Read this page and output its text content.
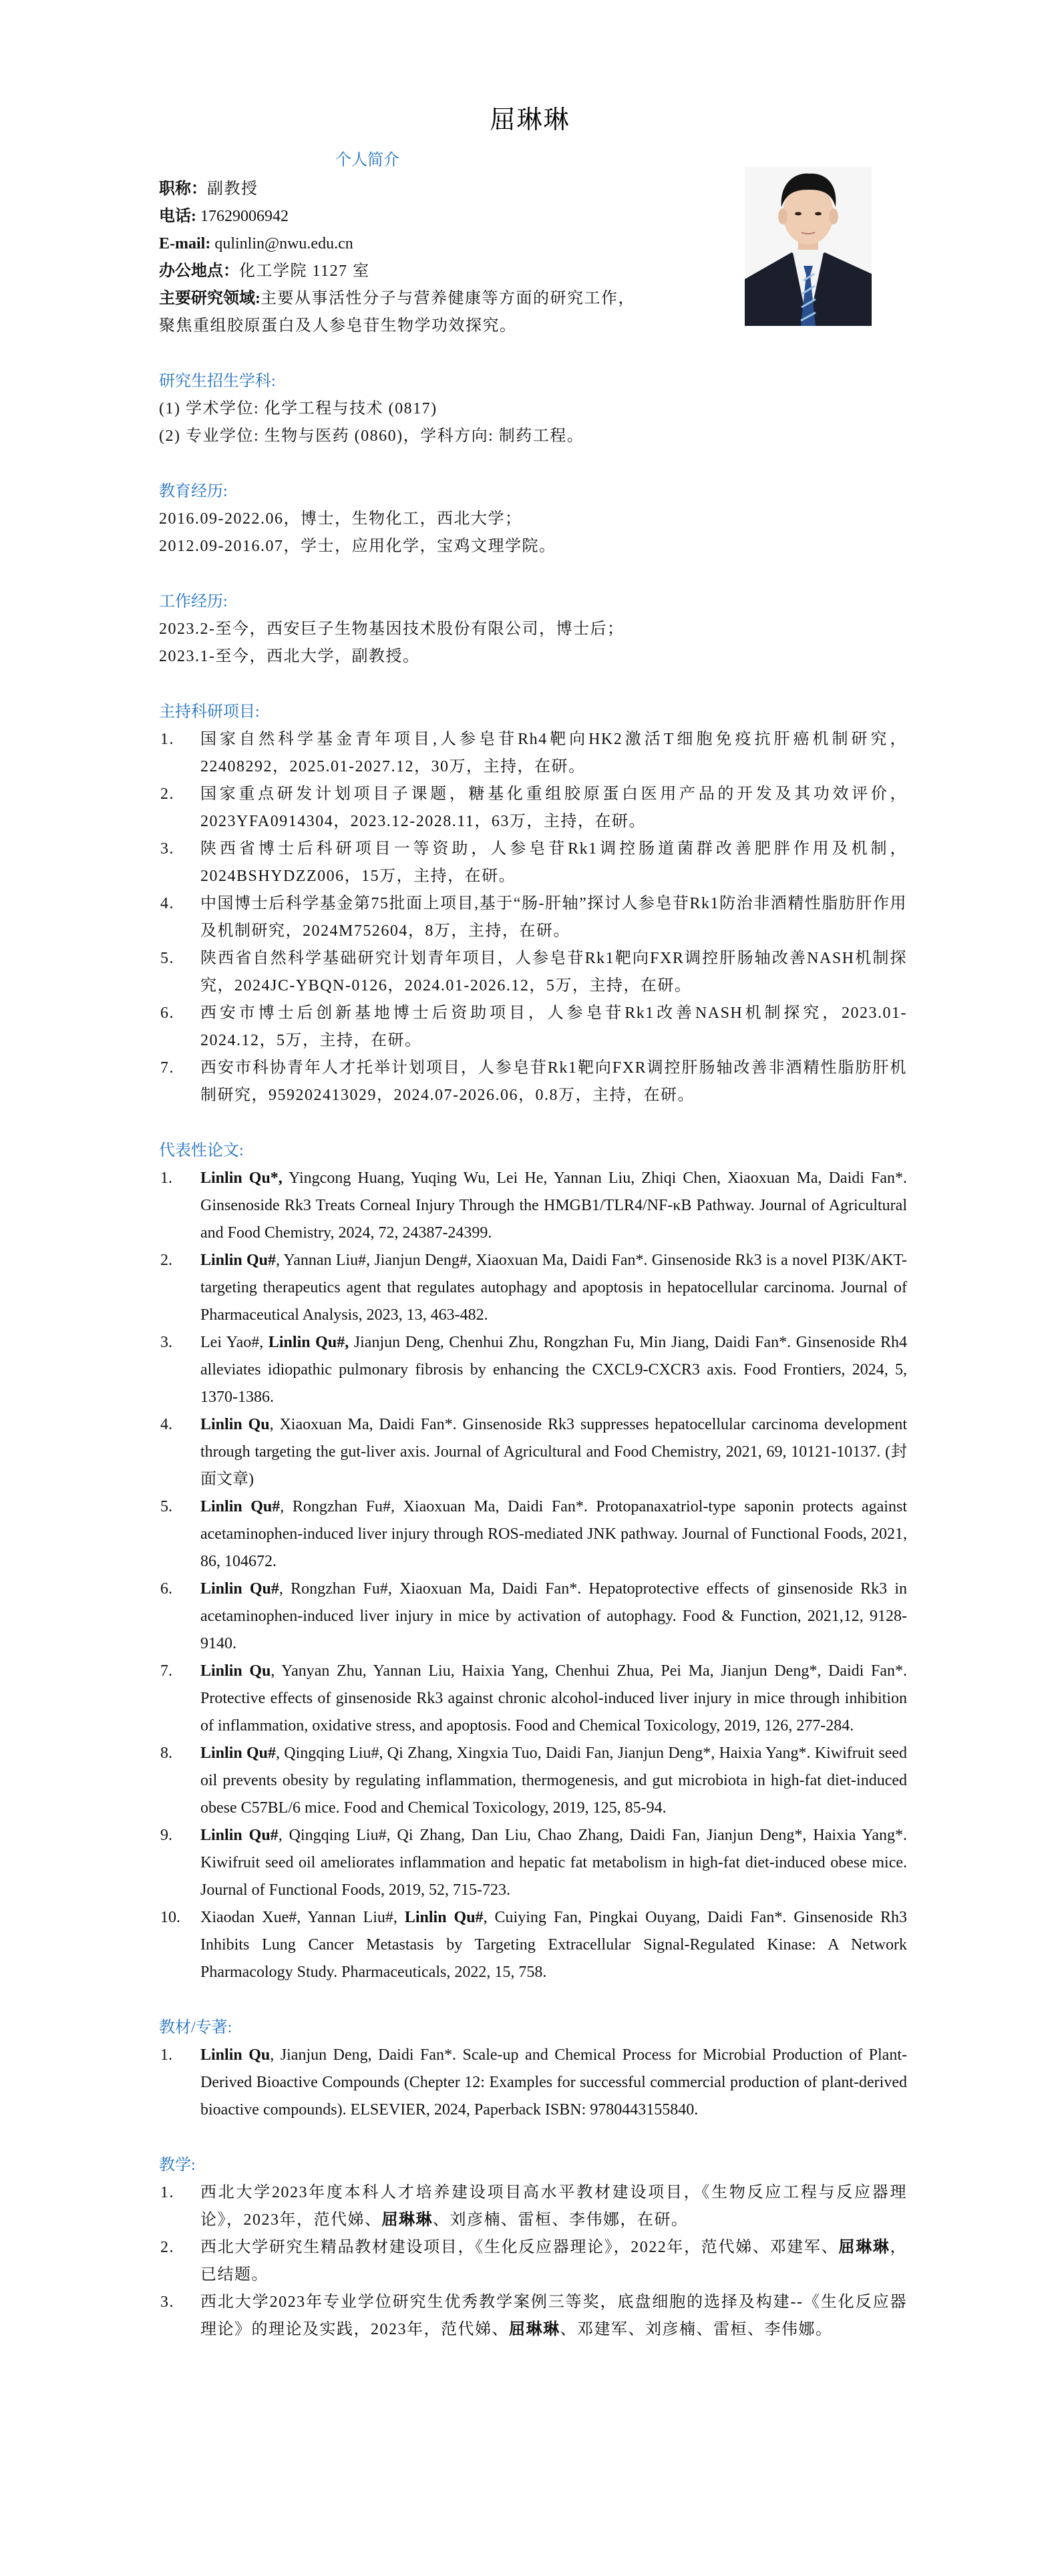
屈琳琳
个人简介
职称：副教授
电话: 17629006942
E-mail: qulinlin@nwu.edu.cn
办公地点：化工学院 1127 室
主要研究领域:主要从事活性分子与营养健康等方面的研究工作，
聚焦重组胶原蛋白及人参皂苷生物学功效探究。
研究生招生学科:
(1) 学术学位: 化学工程与技术 (0817)
(2) 专业学位: 生物与医药 (0860)，学科方向: 制药工程。
教育经历:
2016.09-2022.06，博士，生物化工，西北大学；
2012.09-2016.07，学士，应用化学，宝鸡文理学院。
工作经历:
2023.2-至今，西安巨子生物基因技术股份有限公司，博士后；
2023.1-至今，西北大学，副教授。
主持科研项目:
1. 国家自然科学基金青年项目,人参皂苷Rh4靶向HK2激活T细胞免疫抗肝癌机制研究，22408292，2025.01-2027.12，30万，主持，在研。
2. 国家重点研发计划项目子课题，糖基化重组胶原蛋白医用产品的开发及其功效评价，2023YFA0914304，2023.12-2028.11，63万，主持，在研。
3. 陕西省博士后科研项目一等资助，人参皂苷Rk1调控肠道菌群改善肥胖作用及机制，2024BSHYDZZ006，15万，主持，在研。
4. 中国博士后科学基金第75批面上项目,基于“肠-肝轴”探讨人参皂苷Rk1防治非酒精性脂肪肝作用及机制研究，2024M752604，8万，主持，在研。
5. 陕西省自然科学基础研究计划青年项目，人参皂苷Rk1靶向FXR调控肝肠轴改善NASH机制探究，2024JC-YBQN-0126，2024.01-2026.12，5万，主持，在研。
6. 西安市博士后创新基地博士后资助项目，人参皂苷Rk1改善NASH机制探究，2023.01-2024.12，5万，主持，在研。
7. 西安市科协青年人才托举计划项目，人参皂苷Rk1靶向FXR调控肝肠轴改善非酒精性脂肪肝机制研究，959202413029，2024.07-2026.06，0.8万，主持，在研。
代表性论文:
1. Linlin Qu*, Yingcong Huang, Yuqing Wu, Lei He, Yannan Liu, Zhiqi Chen, Xiaoxuan Ma, Daidi Fan*. Ginsenoside Rk3 Treats Corneal Injury Through the HMGB1/TLR4/NF-κB Pathway. Journal of Agricultural and Food Chemistry, 2024, 72, 24387-24399.
2. Linlin Qu#, Yannan Liu#, Jianjun Deng#, Xiaoxuan Ma, Daidi Fan*. Ginsenoside Rk3 is a novel PI3K/AKT-targeting therapeutics agent that regulates autophagy and apoptosis in hepatocellular carcinoma. Journal of Pharmaceutical Analysis, 2023, 13, 463-482.
3. Lei Yao#, Linlin Qu#, Jianjun Deng, Chenhui Zhu, Rongzhan Fu, Min Jiang, Daidi Fan*. Ginsenoside Rh4 alleviates idiopathic pulmonary fibrosis by enhancing the CXCL9-CXCR3 axis. Food Frontiers, 2024, 5, 1370-1386.
4. Linlin Qu, Xiaoxuan Ma, Daidi Fan*. Ginsenoside Rk3 suppresses hepatocellular carcinoma development through targeting the gut-liver axis. Journal of Agricultural and Food Chemistry, 2021, 69, 10121-10137. (封面文章)
5. Linlin Qu#, Rongzhan Fu#, Xiaoxuan Ma, Daidi Fan*. Protopanaxatriol-type saponin protects against acetaminophen-induced liver injury through ROS-mediated JNK pathway. Journal of Functional Foods, 2021, 86, 104672.
6. Linlin Qu#, Rongzhan Fu#, Xiaoxuan Ma, Daidi Fan*. Hepatoprotective effects of ginsenoside Rk3 in acetaminophen-induced liver injury in mice by activation of autophagy. Food & Function, 2021,12, 9128-9140.
7. Linlin Qu, Yanyan Zhu, Yannan Liu, Haixia Yang, Chenhui Zhua, Pei Ma, Jianjun Deng*, Daidi Fan*. Protective effects of ginsenoside Rk3 against chronic alcohol-induced liver injury in mice through inhibition of inflammation, oxidative stress, and apoptosis. Food and Chemical Toxicology, 2019, 126, 277-284.
8. Linlin Qu#, Qingqing Liu#, Qi Zhang, Xingxia Tuo, Daidi Fan, Jianjun Deng*, Haixia Yang*. Kiwifruit seed oil prevents obesity by regulating inflammation, thermogenesis, and gut microbiota in high-fat diet-induced obese C57BL/6 mice. Food and Chemical Toxicology, 2019, 125, 85-94.
9. Linlin Qu#, Qingqing Liu#, Qi Zhang, Dan Liu, Chao Zhang, Daidi Fan, Jianjun Deng*, Haixia Yang*. Kiwifruit seed oil ameliorates inflammation and hepatic fat metabolism in high-fat diet-induced obese mice. Journal of Functional Foods, 2019, 52, 715-723.
10. Xiaodan Xue#, Yannan Liu#, Linlin Qu#, Cuiying Fan, Pingkai Ouyang, Daidi Fan*. Ginsenoside Rh3 Inhibits Lung Cancer Metastasis by Targeting Extracellular Signal-Regulated Kinase: A Network Pharmacology Study. Pharmaceuticals, 2022, 15, 758.
教材/专著:
1. Linlin Qu, Jianjun Deng, Daidi Fan*. Scale-up and Chemical Process for Microbial Production of Plant-Derived Bioactive Compounds (Chepter 12: Examples for successful commercial production of plant-derived bioactive compounds). ELSEVIER, 2024, Paperback ISBN: 9780443155840.
教学:
1. 西北大学2023年度本科人才培养建设项目高水平教材建设项目，《生物反应工程与反应器理论》，2023年，范代娣、屈琳琳、刘彦楠、雷桓、李伟娜，在研。
2. 西北大学研究生精品教材建设项目，《生化反应器理论》，2022年，范代娣、邓建军、屈琳琳，已结题。
3. 西北大学2023年专业学位研究生优秀教学案例三等奖，底盘细胞的选择及构建--《生化反应器理论》的理论及实践，2023年，范代娣、屈琳琳、邓建军、刘彦楠、雷桓、李伟娜。
